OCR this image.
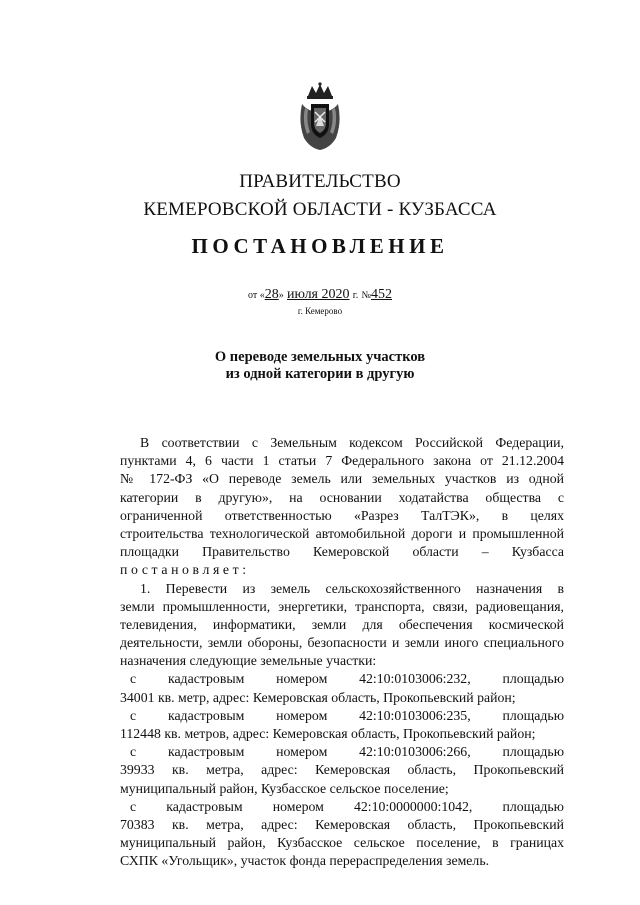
ПРАВИТЕЛЬСТВО
КЕМЕРОВСКОЙ ОБЛАСТИ - КУЗБАССА
ПОСТАНОВЛЕНИЕ
от «28» июля 2020 г. №452
г. Кемерово
О переводе земельных участков
из одной категории в другую
В соответствии с Земельным кодексом Российской Федерации,
пунктами 4, 6 части 1 статьи 7 Федерального закона от 21.12.2004
№ 172-ФЗ «О переводе земель или земельных участков из одной
категории в другую», на основании ходатайства общества с
ограниченной ответственностью «Разрез ТалТЭК», в целях
строительства технологической автомобильной дороги и промышленной
площадки Правительство Кемеровской области – Кузбасса
постановляет:
1. Перевести из земель сельскохозяйственного назначения в
земли промышленности, энергетики, транспорта, связи, радиовещания,
телевидения, информатики, земли для обеспечения космической
деятельности, земли обороны, безопасности и земли иного специального
назначения следующие земельные участки:
с кадастровым номером 42:10:0103006:232, площадью
34001 кв. метр, адрес: Кемеровская область, Прокопьевский район;
с кадастровым номером 42:10:0103006:235, площадью
112448 кв. метров, адрес: Кемеровская область, Прокопьевский район;
с кадастровым номером 42:10:0103006:266, площадью
39933 кв. метра, адрес: Кемеровская область, Прокопьевский
муниципальный район, Кузбасское сельское поселение;
с кадастровым номером 42:10:0000000:1042, площадью
70383 кв. метра, адрес: Кемеровская область, Прокопьевский
муниципальный район, Кузбасское сельское поселение, в границах
СХПК «Угольщик», участок фонда перераспределения земель.
